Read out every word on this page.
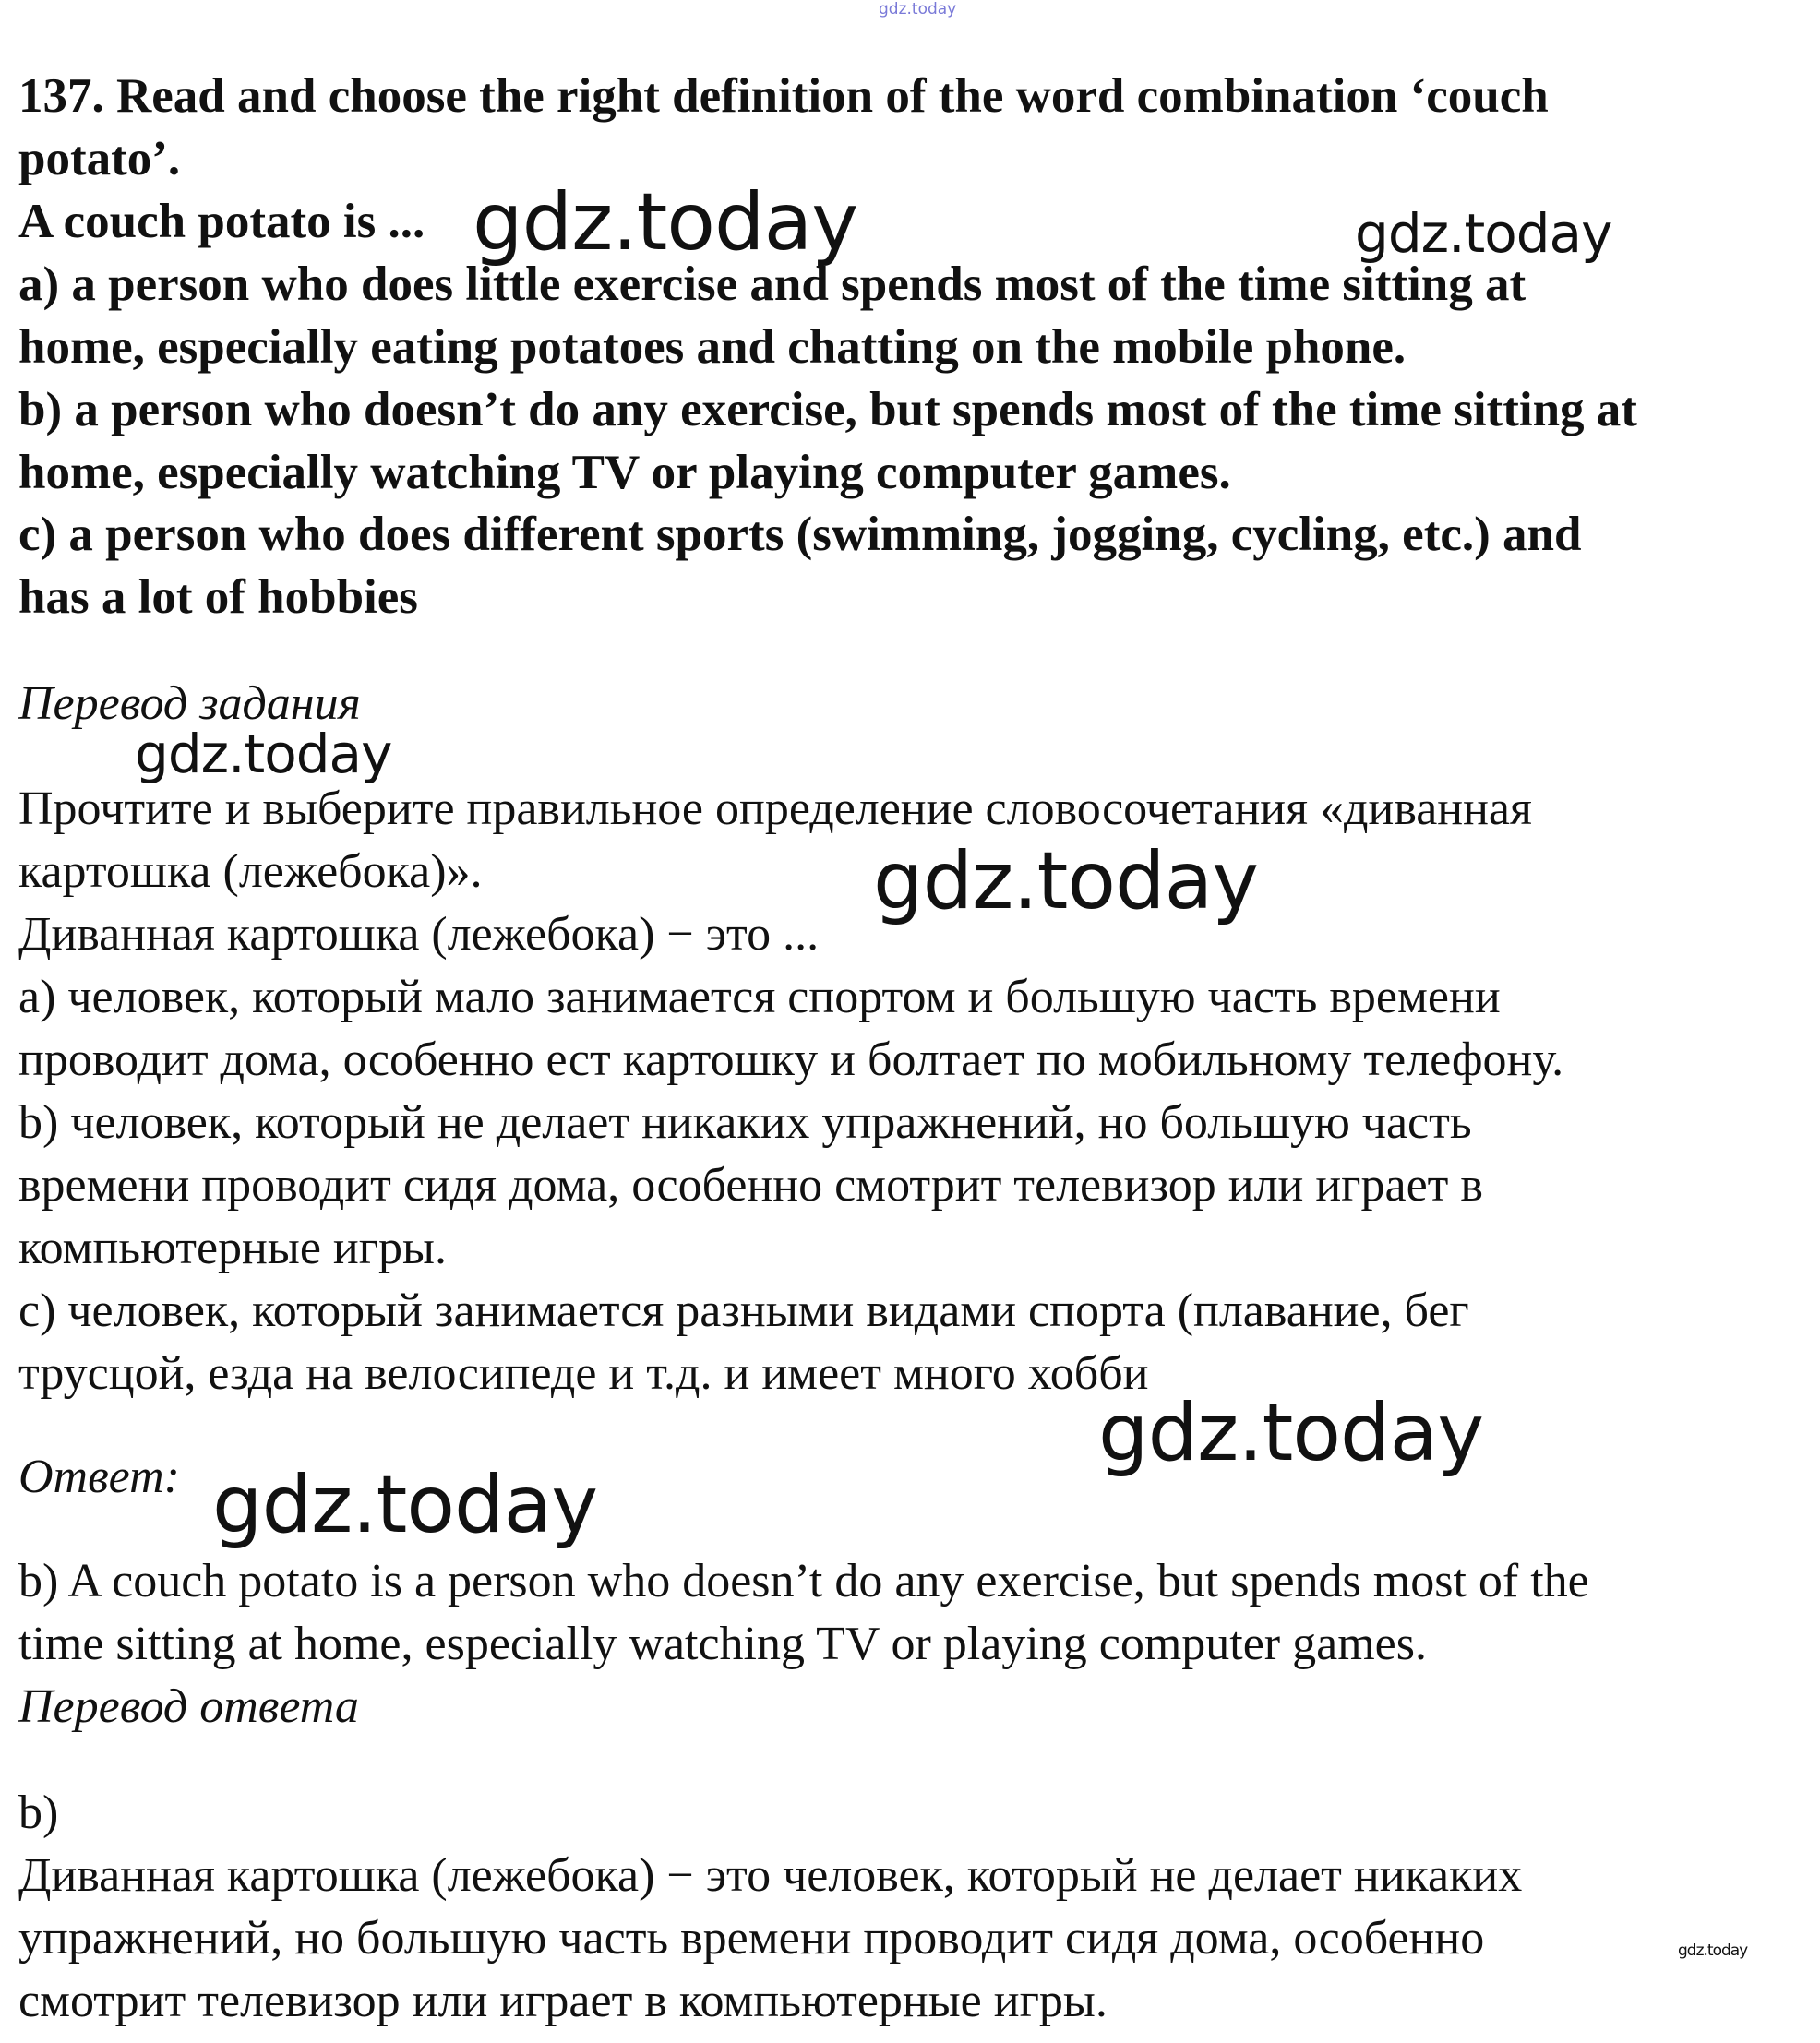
gdz.today
137. Read and choose the right definition of the word combination ‘couch
potato’.
A couch potato is ...
a) a person who does little exercise and spends most of the time sitting at
home, especially eating potatoes and chatting on the mobile phone.
b) a person who doesn’t do any exercise, but spends most of the time sitting at
home, especially watching TV or playing computer games.
c) a person who does different sports (swimming, jogging, cycling, etc.) and
has a lot of hobbies
Перевод задания
Прочтите и выберите правильное определение словосочетания «диванная
картошка (лежебока)».
Диванная картошка (лежебока) − это ...
а) человек, который мало занимается спортом и большую часть времени
проводит дома, особенно ест картошку и болтает по мобильному телефону.
b) человек, который не делает никаких упражнений, но большую часть
времени проводит сидя дома, особенно смотрит телевизор или играет в
компьютерные игры.
c) человек, который занимается разными видами спорта (плавание, бег
трусцой, езда на велосипеде и т.д. и имеет много хобби
Ответ:
b) A couch potato is a person who doesn’t do any exercise, but spends most of the
time sitting at home, especially watching TV or playing computer games.
Перевод ответа
b)
Диванная картошка (лежебока) − это человек, который не делает никаких
упражнений, но большую часть времени проводит сидя дома, особенно
смотрит телевизор или играет в компьютерные игры.
gdz.today	gdz.today
gdz.today
gdz.today
gdz.today
gdz.today
gdz.today
